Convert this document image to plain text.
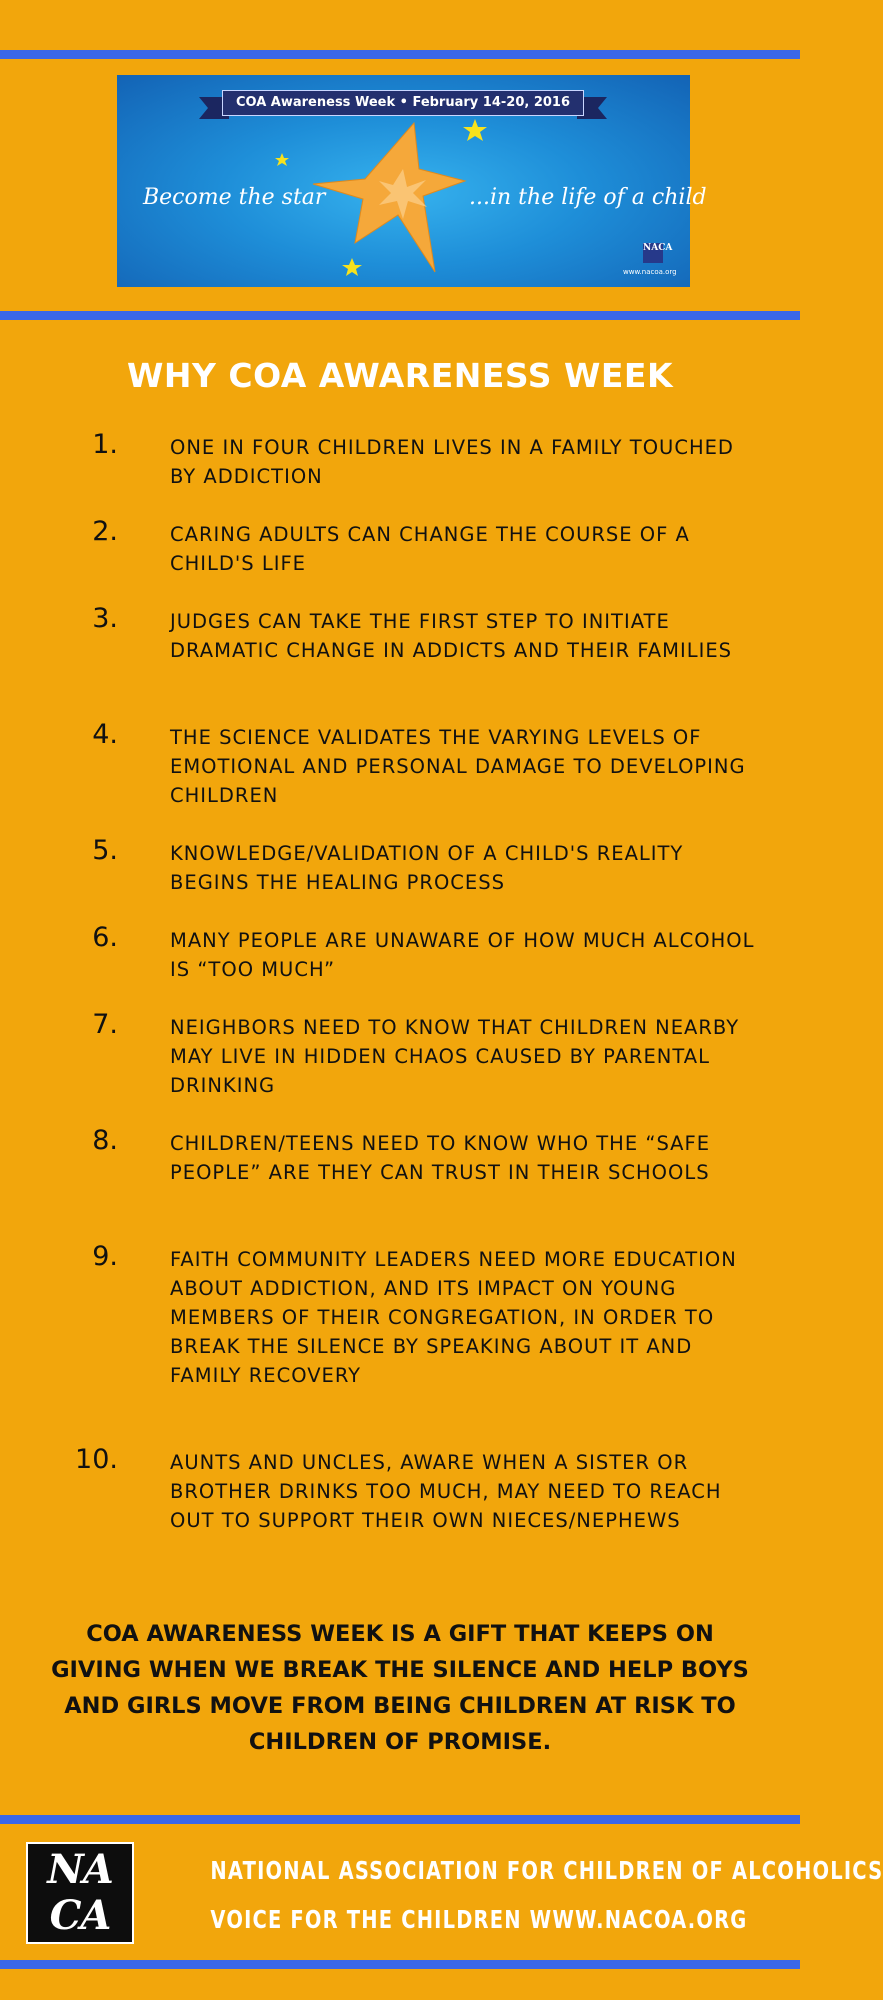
COA Awareness Week • February 14-20, 2016
Become the star	...in the life of a child
NACA
www.nacoa.org
WHY COA AWARENESS WEEK
1.	ONE IN FOUR CHILDREN LIVES IN A FAMILY TOUCHED BY ADDICTION
2.	CARING ADULTS CAN CHANGE THE COURSE OF A CHILD'S LIFE
3.	JUDGES CAN TAKE THE FIRST STEP TO INITIATE DRAMATIC CHANGE IN ADDICTS AND THEIR FAMILIES
4.	THE SCIENCE VALIDATES THE VARYING LEVELS OF EMOTIONAL AND PERSONAL DAMAGE TO DEVELOPING CHILDREN
5.	KNOWLEDGE/VALIDATION OF A CHILD'S REALITY BEGINS THE HEALING PROCESS
6.	MANY PEOPLE ARE UNAWARE OF HOW MUCH ALCOHOL IS “TOO MUCH”
7.	NEIGHBORS NEED TO KNOW THAT CHILDREN NEARBY MAY LIVE IN HIDDEN CHAOS CAUSED BY PARENTAL DRINKING
8.	CHILDREN/TEENS NEED TO KNOW WHO THE “SAFE PEOPLE” ARE THEY CAN TRUST IN THEIR SCHOOLS
9.	FAITH COMMUNITY LEADERS NEED MORE EDUCATION ABOUT ADDICTION, AND ITS IMPACT ON YOUNG MEMBERS OF THEIR CONGREGATION, IN ORDER TO BREAK THE SILENCE BY SPEAKING ABOUT IT AND FAMILY RECOVERY
10.	AUNTS AND UNCLES, AWARE WHEN A SISTER OR BROTHER DRINKS TOO MUCH, MAY NEED TO REACH OUT TO SUPPORT THEIR OWN NIECES/NEPHEWS
COA AWARENESS WEEK IS A GIFT THAT KEEPS ON GIVING WHEN WE BREAK THE SILENCE AND HELP BOYS AND GIRLS MOVE FROM BEING CHILDREN AT RISK TO CHILDREN OF PROMISE.
NA
CA
NATIONAL ASSOCIATION FOR CHILDREN OF ALCOHOLICS
VOICE FOR THE CHILDREN WWW.NACOA.ORG
